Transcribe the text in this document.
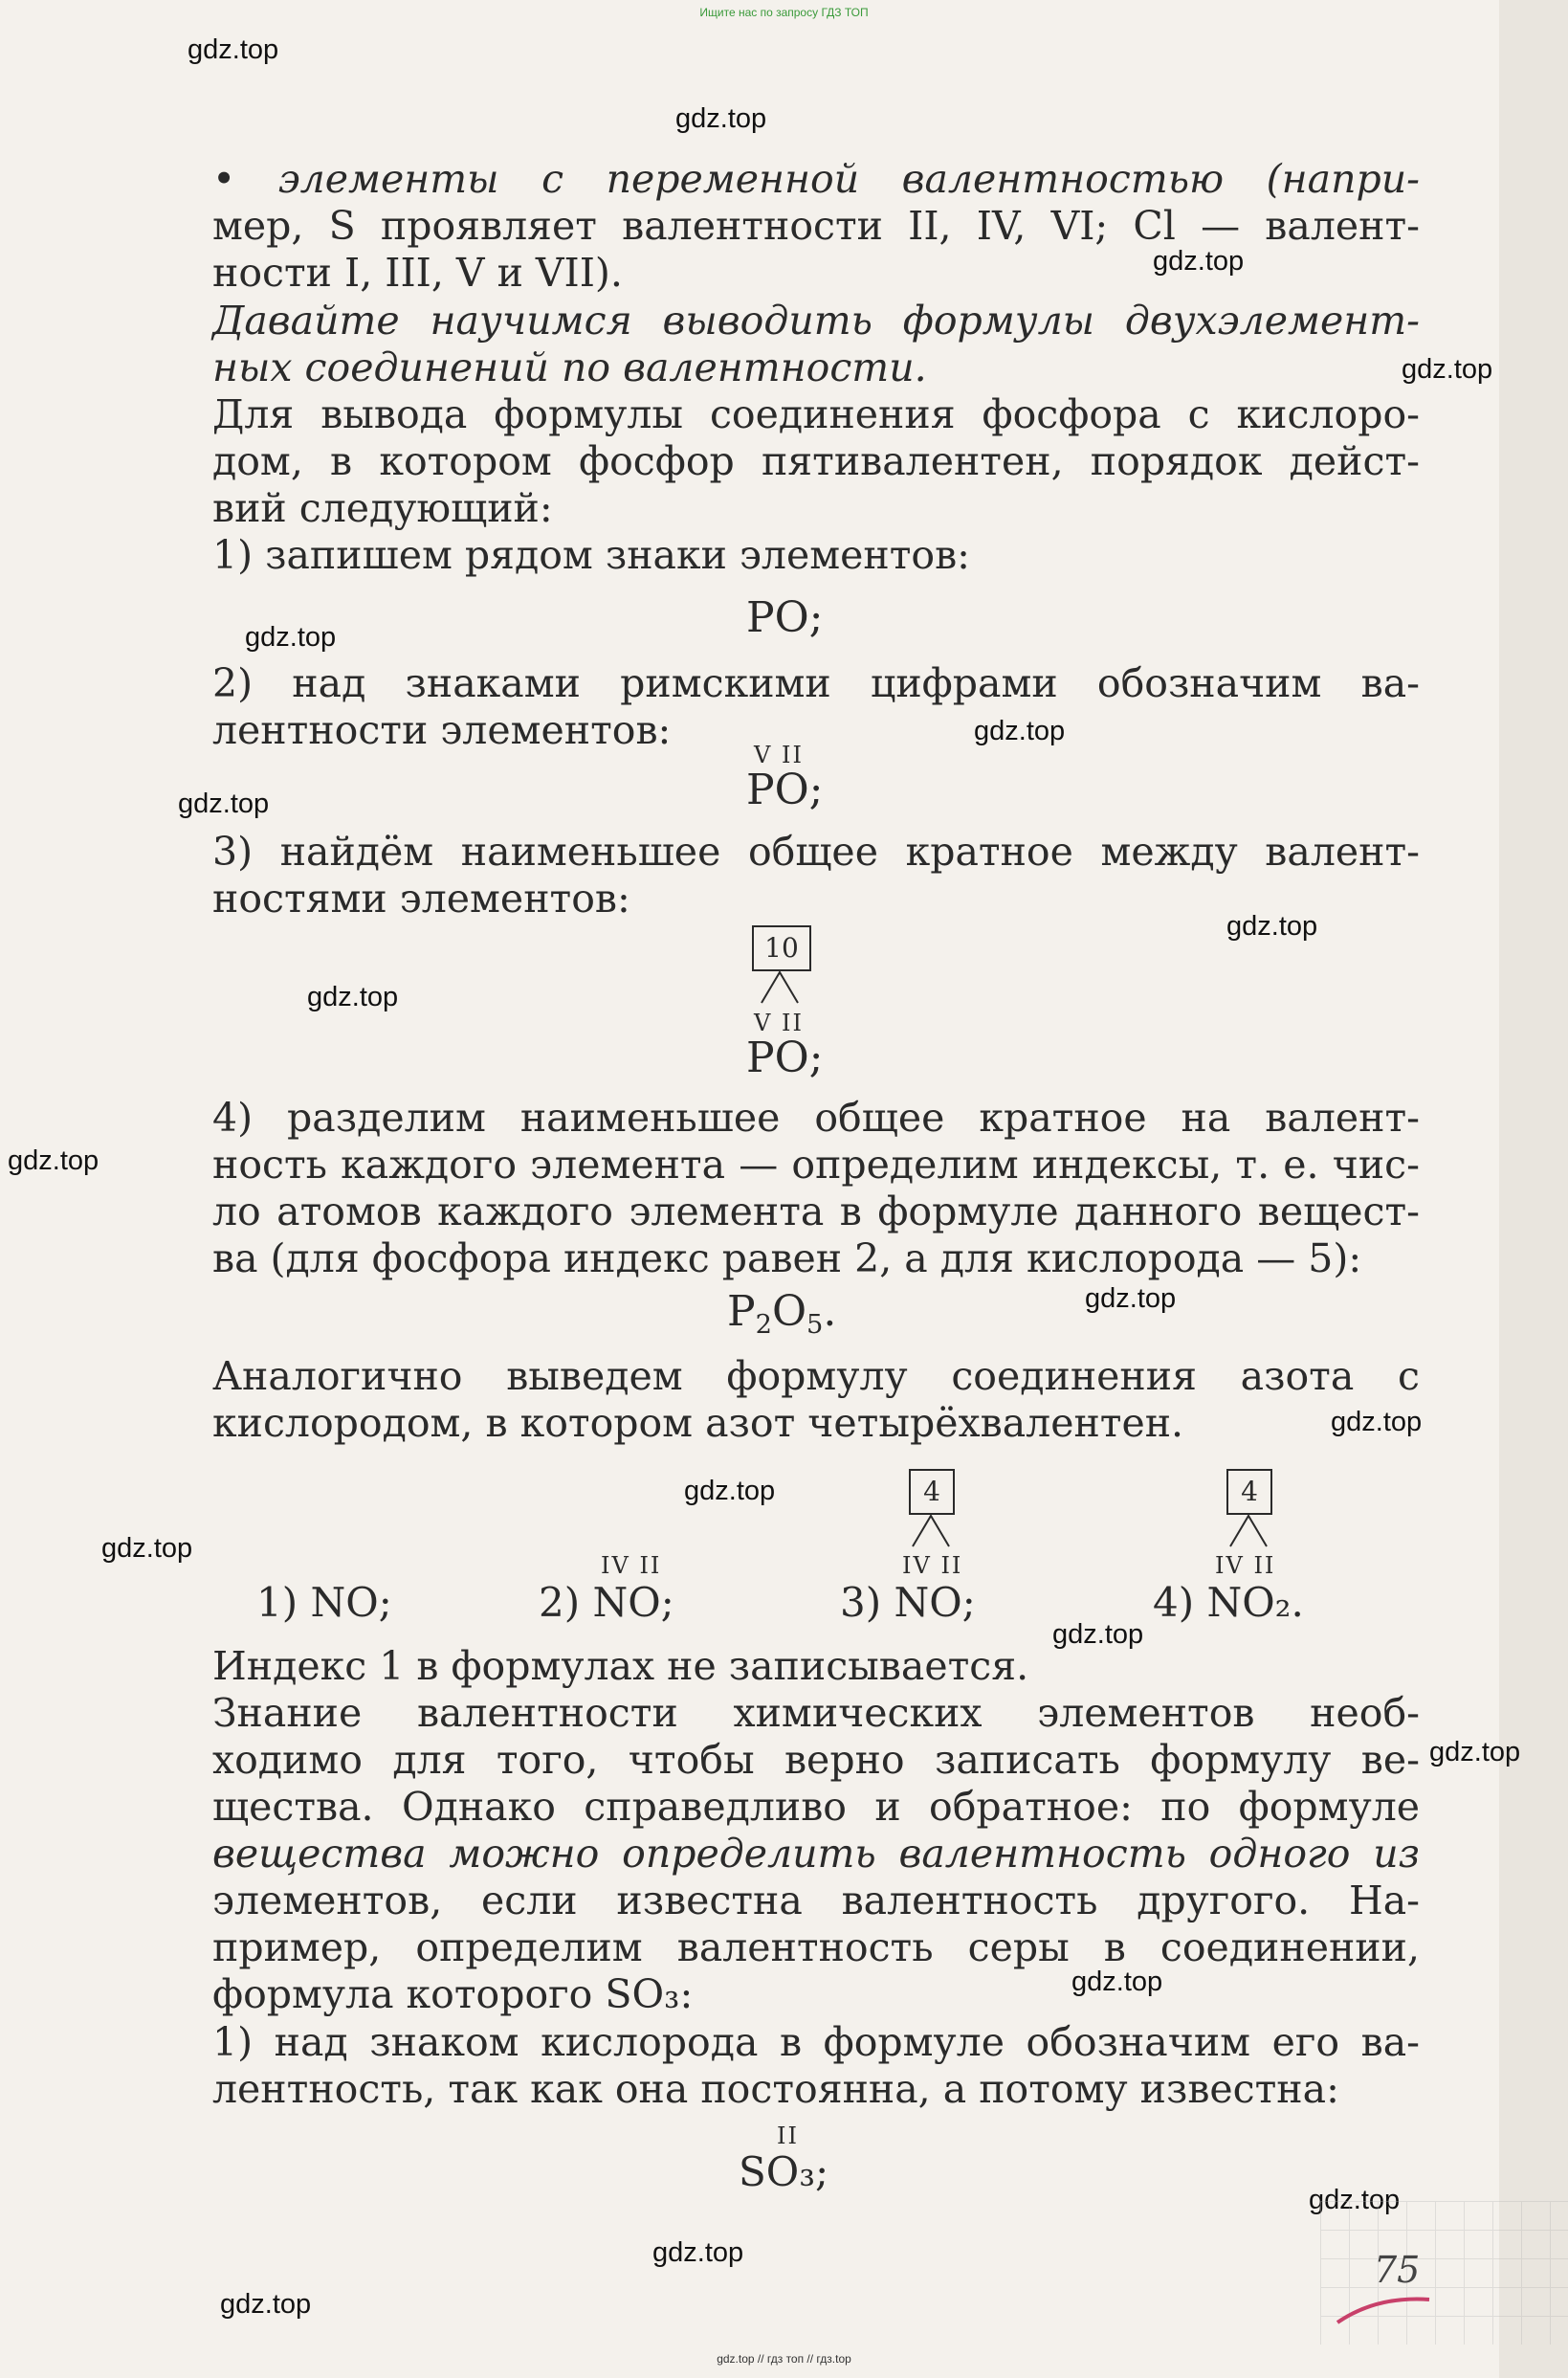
Ищите нас по запросу ГДЗ ТОП
gdz.top
gdz.top
gdz.top
gdz.top
gdz.top
gdz.top
gdz.top
gdz.top
gdz.top
gdz.top
gdz.top
gdz.top
gdz.top
gdz.top
gdz.top
gdz.top
gdz.top
gdz.top
gdz.top
gdz.top
• элементы с переменной валентностью (напри-
мер, S проявляет валентности II, IV, VI; Cl — валент-
ности I, III, V и VII).
Давайте научимся выводить формулы двухэлемент-
ных соединений по валентности.
Для вывода формулы соединения фосфора с кислоро-
дом, в котором фосфор пятивалентен, порядок дейст-
вий следующий:
1) запишем рядом знаки элементов:
PO;
2) над знаками римскими цифрами обозначим ва-
лентности элементов:
V II
PO;
3) найдём наименьшее общее кратное между валент-
ностями элементов:
10
V II
PO;
4) разделим наименьшее общее кратное на валент-
ность каждого элемента — определим индексы, т. е. чис-
ло атомов каждого элемента в формуле данного вещест-
ва (для фосфора индекс равен 2, а для кислорода — 5):
$P_2O_5$.
Аналогично выведем формулу соединения азота с
кислородом, в котором азот четырёхвалентен.
1) NO;
IV II
2) NO;
4
IV II
3) NO;
4
IV II
4) NO₂.
Индекс 1 в формулах не записывается.
Знание валентности химических элементов необ-
ходимо для того, чтобы верно записать формулу ве-
щества. Однако справедливо и обратное: по формуле
вещества можно определить валентность одного из
элементов, если известна валентность другого. На-
пример, определим валентность серы в соединении,
формула которого SO₃:
1) над знаком кислорода в формуле обозначим его ва-
лентность, так как она постоянна, а потому известна:
II
SO₃;
75
gdz.top // гдз топ // гдз.top
